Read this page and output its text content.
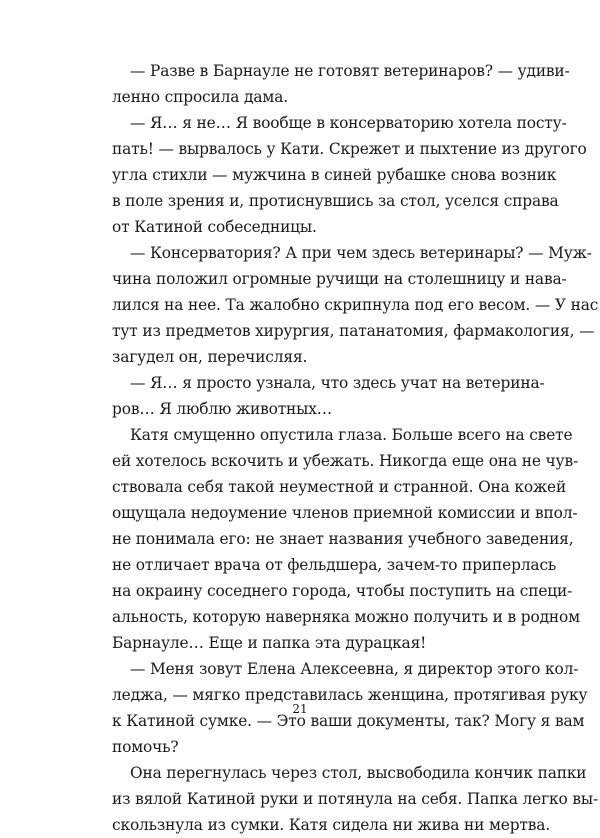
— Разве в Барнауле не готовят ветеринаров? — удиви-
ленно спросила дама.
— Я… я не… Я вообще в консерваторию хотела посту-
пать! — вырвалось у Кати. Скрежет и пыхтение из другого
угла стихли — мужчина в синей рубашке снова возник
в поле зрения и, протиснувшись за стол, уселся справа
от Катиной собеседницы.
— Консерватория? А при чем здесь ветеринары? — Муж-
чина положил огромные ручищи на столешницу и нава-
лился на нее. Та жалобно скрипнула под его весом. — У нас
тут из предметов хирургия, патанатомия, фармакология, —
загудел он, перечисляя.
— Я… я просто узнала, что здесь учат на ветерина-
ров… Я люблю животных…
Катя смущенно опустила глаза. Больше всего на свете
ей хотелось вскочить и убежать. Никогда еще она не чув-
ствовала себя такой неуместной и странной. Она кожей
ощущала недоумение членов приемной комиссии и впол-
не понимала его: не знает названия учебного заведения,
не отличает врача от фельдшера, зачем-то приперлась
на окраину соседнего города, чтобы поступить на специ-
альность, которую наверняка можно получить и в родном
Барнауле… Еще и папка эта дурацкая!
— Меня зовут Елена Алексеевна, я директор этого кол-
леджа, — мягко представилась женщина, протягивая руку
к Катиной сумке. — Это ваши документы, так? Могу я вам
помочь?
Она перегнулась через стол, высвободила кончик папки
из вялой Катиной руки и потянула на себя. Папка легко вы-
скользнула из сумки. Катя сидела ни жива ни мертва.
21
